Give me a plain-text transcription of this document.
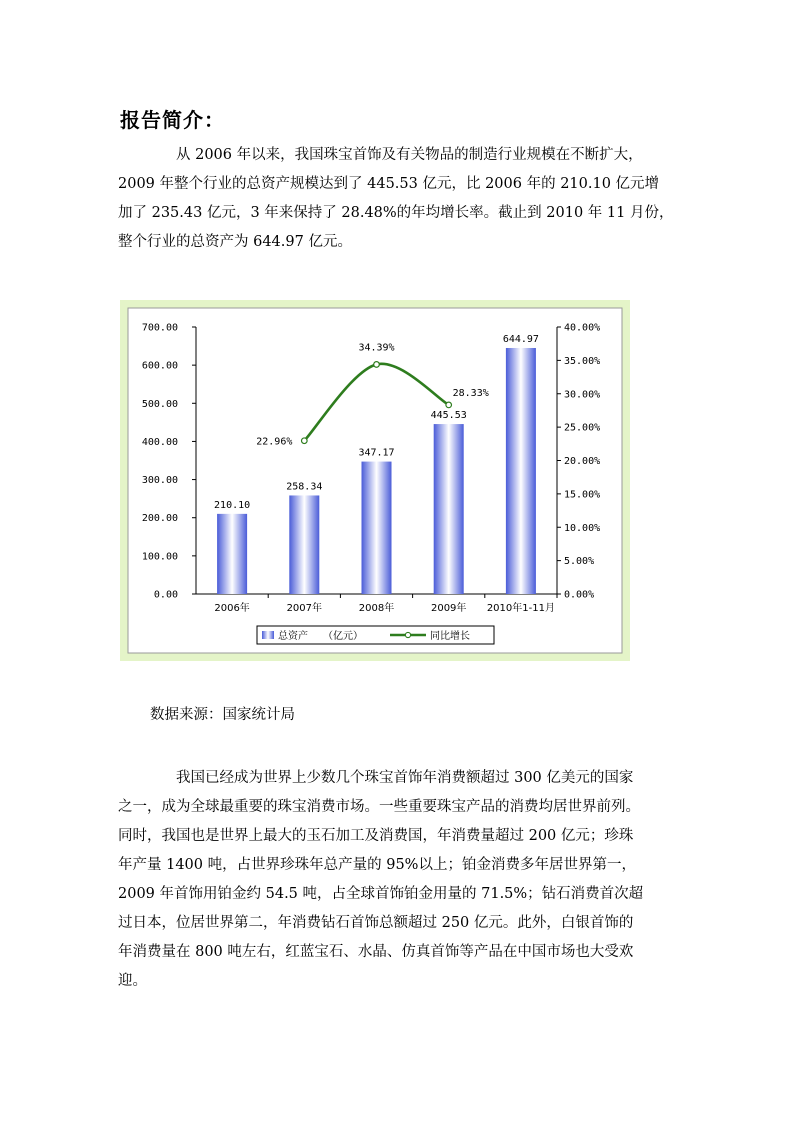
报告简介：

从 2006 年以来，我国珠宝首饰及有关物品的制造行业规模在不断扩大，
2009 年整个行业的总资产规模达到了 445.53 亿元，比 2006 年的 210.10 亿元增
加了 235.43 亿元，3 年来保持了 28.48%的年均增长率。截止到 2010 年 11 月份，
整个行业的总资产为 644.97 亿元。

0.00
100.00
200.00
300.00
400.00
500.00
600.00
700.00
0.00%
5.00%
10.00%
15.00%
20.00%
25.00%
30.00%
35.00%
40.00%
2006年	2007年	2008年	2009年 2010年1-11月
210.10
258.34
347.17
445.53
644.97
22.96%
34.39%
28.33%
总资产　　（亿元）	同比增长
数据来源：国家统计局

我国已经成为世界上少数几个珠宝首饰年消费额超过 300 亿美元的国家
之一，成为全球最重要的珠宝消费市场。一些重要珠宝产品的消费均居世界前列。
同时，我国也是世界上最大的玉石加工及消费国，年消费量超过 200 亿元；珍珠
年产量 1400 吨，占世界珍珠年总产量的 95%以上；铂金消费多年居世界第一，
2009 年首饰用铂金约 54.5 吨，占全球首饰铂金用量的 71.5%；钻石消费首次超
过日本，位居世界第二，年消费钻石首饰总额超过 250 亿元。此外，白银首饰的
年消费量在 800 吨左右，红蓝宝石、水晶、仿真首饰等产品在中国市场也大受欢
迎。
